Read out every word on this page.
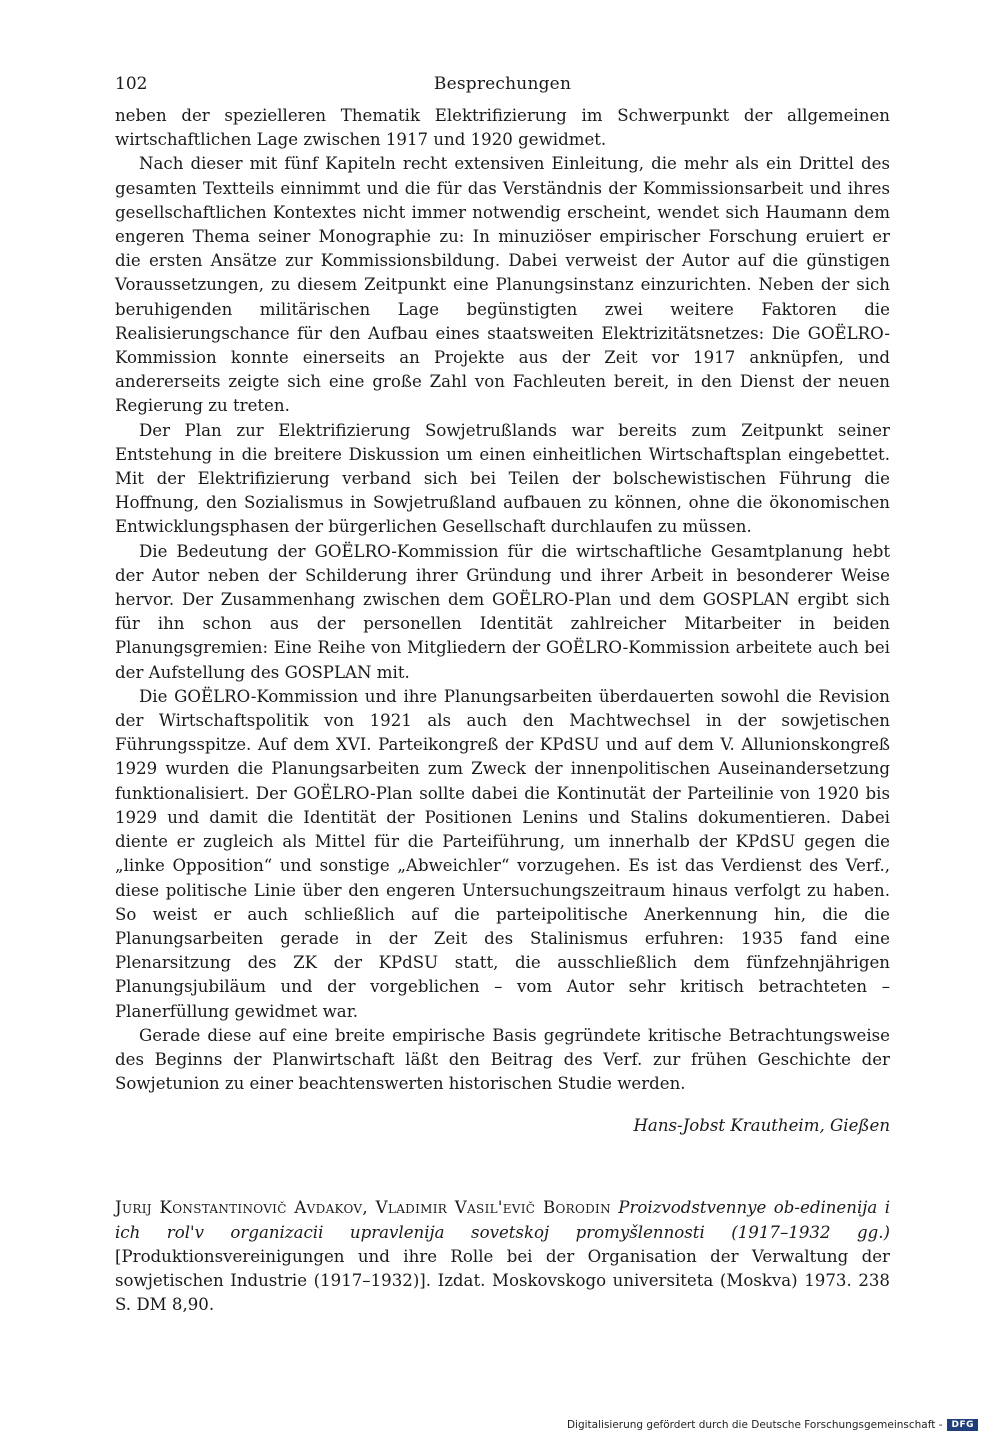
102	Besprechungen

neben der spezielleren Thematik Elektrifizierung im Schwerpunkt der allgemeinen wirtschaftlichen Lage zwischen 1917 und 1920 gewidmet.

Nach dieser mit fünf Kapiteln recht extensiven Einleitung, die mehr als ein Drittel des gesamten Textteils einnimmt und die für das Verständnis der Kommissionsarbeit und ihres gesellschaftlichen Kontextes nicht immer notwendig erscheint, wendet sich Haumann dem engeren Thema seiner Monographie zu: In minuziöser empirischer Forschung eruiert er die ersten Ansätze zur Kommissionsbildung. Dabei verweist der Autor auf die günstigen Voraussetzungen, zu diesem Zeitpunkt eine Planungsinstanz einzurichten. Neben der sich beruhigenden militärischen Lage begünstigten zwei weitere Faktoren die Realisierungschance für den Aufbau eines staatsweiten Elektrizitätsnetzes: Die GOËLRO-Kommission konnte einerseits an Projekte aus der Zeit vor 1917 anknüpfen, und andererseits zeigte sich eine große Zahl von Fachleuten bereit, in den Dienst der neuen Regierung zu treten.

Der Plan zur Elektrifizierung Sowjetrußlands war bereits zum Zeitpunkt seiner Entstehung in die breitere Diskussion um einen einheitlichen Wirtschaftsplan eingebettet. Mit der Elektrifizierung verband sich bei Teilen der bolschewistischen Führung die Hoffnung, den Sozialismus in Sowjetrußland aufbauen zu können, ohne die ökonomischen Entwicklungsphasen der bürgerlichen Gesellschaft durchlaufen zu müssen.

Die Bedeutung der GOËLRO-Kommission für die wirtschaftliche Gesamtplanung hebt der Autor neben der Schilderung ihrer Gründung und ihrer Arbeit in besonderer Weise hervor. Der Zusammenhang zwischen dem GOËLRO-Plan und dem GOSPLAN ergibt sich für ihn schon aus der personellen Identität zahlreicher Mitarbeiter in beiden Planungsgremien: Eine Reihe von Mitgliedern der GOËLRO-Kommission arbeitete auch bei der Aufstellung des GOSPLAN mit.

Die GOËLRO-Kommission und ihre Planungsarbeiten überdauerten sowohl die Revision der Wirtschaftspolitik von 1921 als auch den Machtwechsel in der sowjetischen Führungsspitze. Auf dem XVI. Parteikongreß der KPdSU und auf dem V. Allunionskongreß 1929 wurden die Planungsarbeiten zum Zweck der innenpolitischen Auseinandersetzung funktionalisiert. Der GOËLRO-Plan sollte dabei die Kontinutät der Parteilinie von 1920 bis 1929 und damit die Identität der Positionen Lenins und Stalins dokumentieren. Dabei diente er zugleich als Mittel für die Parteiführung, um innerhalb der KPdSU gegen die „linke Opposition“ und sonstige „Abweichler“ vorzugehen. Es ist das Verdienst des Verf., diese politische Linie über den engeren Untersuchungszeitraum hinaus verfolgt zu haben. So weist er auch schließlich auf die parteipolitische Anerkennung hin, die die Planungsarbeiten gerade in der Zeit des Stalinismus erfuhren: 1935 fand eine Plenarsitzung des ZK der KPdSU statt, die ausschließlich dem fünfzehnjährigen Planungsjubiläum und der vorgeblichen – vom Autor sehr kritisch betrachteten – Planerfüllung gewidmet war.

Gerade diese auf eine breite empirische Basis gegründete kritische Betrachtungsweise des Beginns der Planwirtschaft läßt den Beitrag des Verf. zur frühen Geschichte der Sowjetunion zu einer beachtenswerten historischen Studie werden.

Hans-Jobst Krautheim, Gießen
Jurij Konstantinovič Avdakov, Vladimir Vasil'evič Borodin Proizvodstvennye ob-edinenija i ich rol'v organizacii upravlenija sovetskoj promyšlennosti (1917–1932 gg.) [Produktionsvereinigungen und ihre Rolle bei der Organisation der Verwaltung der sowjetischen Industrie (1917–1932)]. Izdat. Moskovskogo universiteta (Moskva) 1973. 238 S. DM 8,90.
Digitalisierung gefördert durch die Deutsche Forschungsgemeinschaft -	DFG
